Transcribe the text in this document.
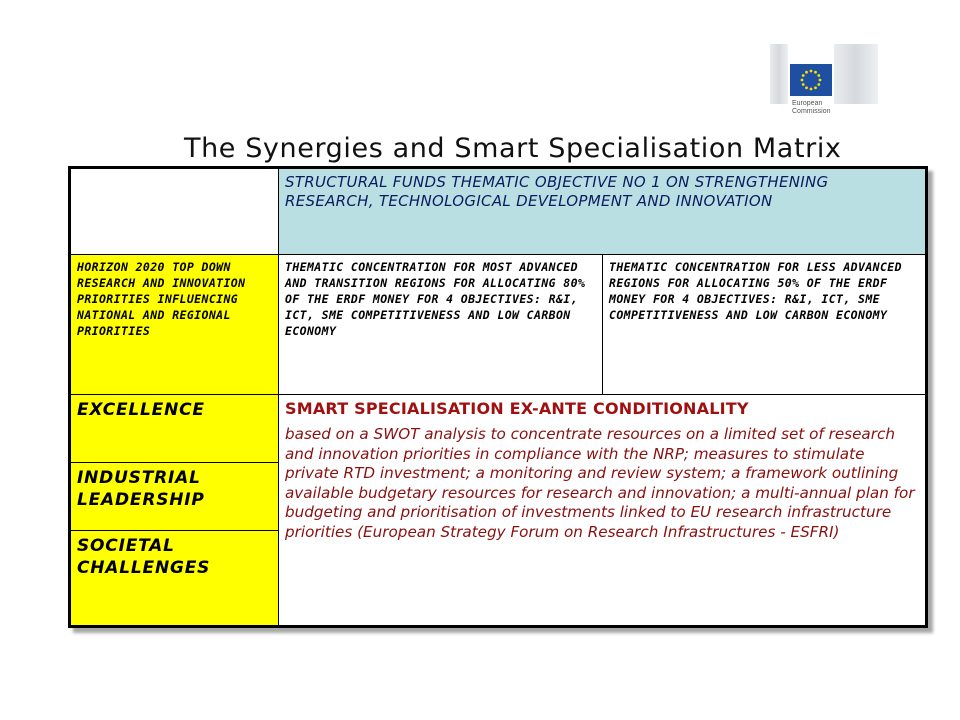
European
Commission
The Synergies and Smart Specialisation Matrix
STRUCTURAL FUNDS THEMATIC OBJECTIVE NO 1 ON STRENGTHENING RESEARCH, TECHNOLOGICAL DEVELOPMENT AND INNOVATION
HORIZON 2020 TOP DOWN RESEARCH AND INNOVATION PRIORITIES INFLUENCING NATIONAL AND REGIONAL PRIORITIES
THEMATIC CONCENTRATION FOR MOST ADVANCED AND TRANSITION REGIONS FOR ALLOCATING 80% OF THE ERDF MONEY FOR 4 OBJECTIVES: R&I, ICT, SME COMPETITIVENESS AND LOW CARBON ECONOMY
THEMATIC CONCENTRATION FOR LESS ADVANCED REGIONS FOR ALLOCATING 50% OF THE ERDF MONEY FOR 4 OBJECTIVES: R&I, ICT, SME COMPETITIVENESS AND LOW CARBON ECONOMY
EXCELLENCE
INDUSTRIAL LEADERSHIP
SOCIETAL CHALLENGES
SMART SPECIALISATION EX-ANTE CONDITIONALITY
based on a SWOT analysis to concentrate resources on a limited set of research and innovation priorities in compliance with the NRP; measures to stimulate private RTD investment; a monitoring and review system; a framework outlining available budgetary resources for research and innovation; a multi-annual plan for budgeting and prioritisation of investments linked to EU research infrastructure priorities (European Strategy Forum on Research Infrastructures - ESFRI)
